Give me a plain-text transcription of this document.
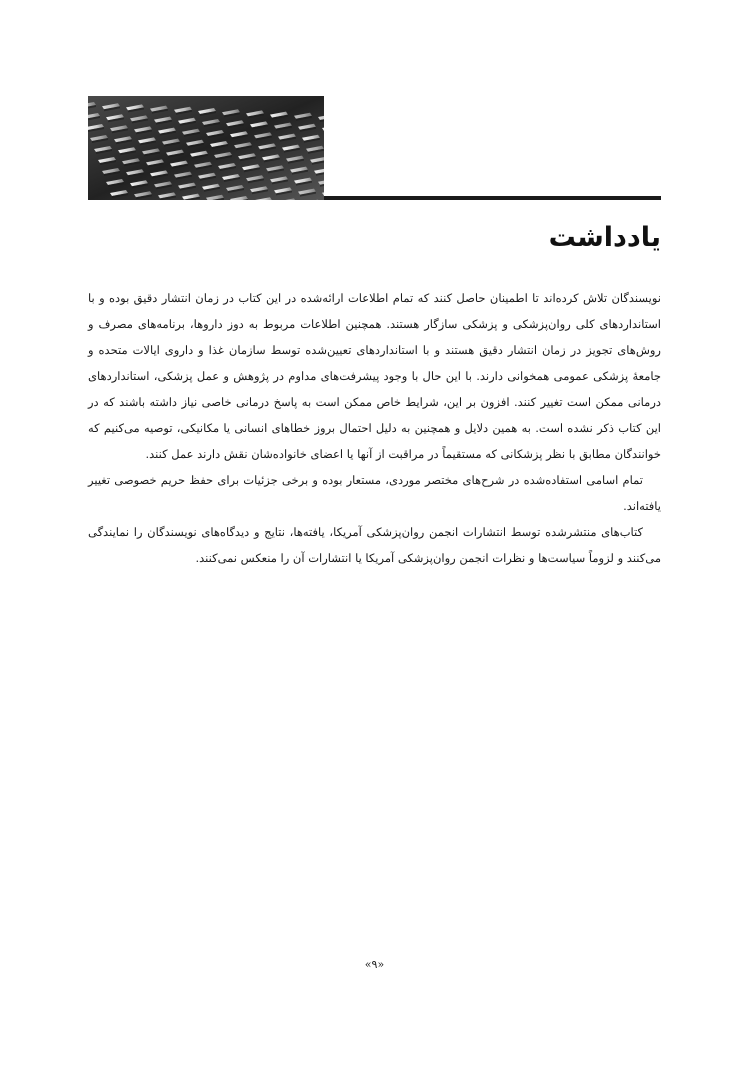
یادداشت

نویسندگان تلاش کرده‌اند تا اطمینان حاصل کنند که تمام اطلاعات ارائه‌شده در این کتاب در زمان انتشار دقیق بوده و با استانداردهای کلی روان‌پزشکی و پزشکی سازگار هستند. همچنین اطلاعات مربوط به دوز داروها، برنامه‌های مصرف و روش‌های تجویز در زمان انتشار دقیق هستند و با استانداردهای تعیین‌شده توسط سازمان غذا و داروی ایالات متحده و جامعهٔ پزشکی عمومی همخوانی دارند. با این حال با وجود پیشرفت‌های مداوم در پژوهش و عمل پزشکی، استانداردهای درمانی ممکن است تغییر کنند. افزون بر این، شرایط خاص ممکن است به پاسخ درمانی خاصی نیاز داشته باشند که در این کتاب ذکر نشده است. به همین دلایل و همچنین به دلیل احتمال بروز خطاهای انسانی یا مکانیکی، توصیه می‌کنیم که خوانندگان مطابق با نظر پزشکانی که مستقیماً در مراقبت از آنها یا اعضای خانواده‌شان نقش دارند عمل کنند.

تمام اسامی استفاده‌شده در شرح‌های مختصر موردی، مستعار بوده و برخی جزئیات برای حفظ حریم خصوصی تغییر یافته‌اند.

کتاب‌های منتشرشده توسط انتشارات انجمن روان‌پزشکی آمریکا، یافته‌ها، نتایج و دیدگاه‌های نویسندگان را نمایندگی می‌کنند و لزوماً سیاست‌ها و نظرات انجمن روان‌پزشکی آمریکا یا انتشارات آن را منعکس نمی‌کنند.

«۹»
